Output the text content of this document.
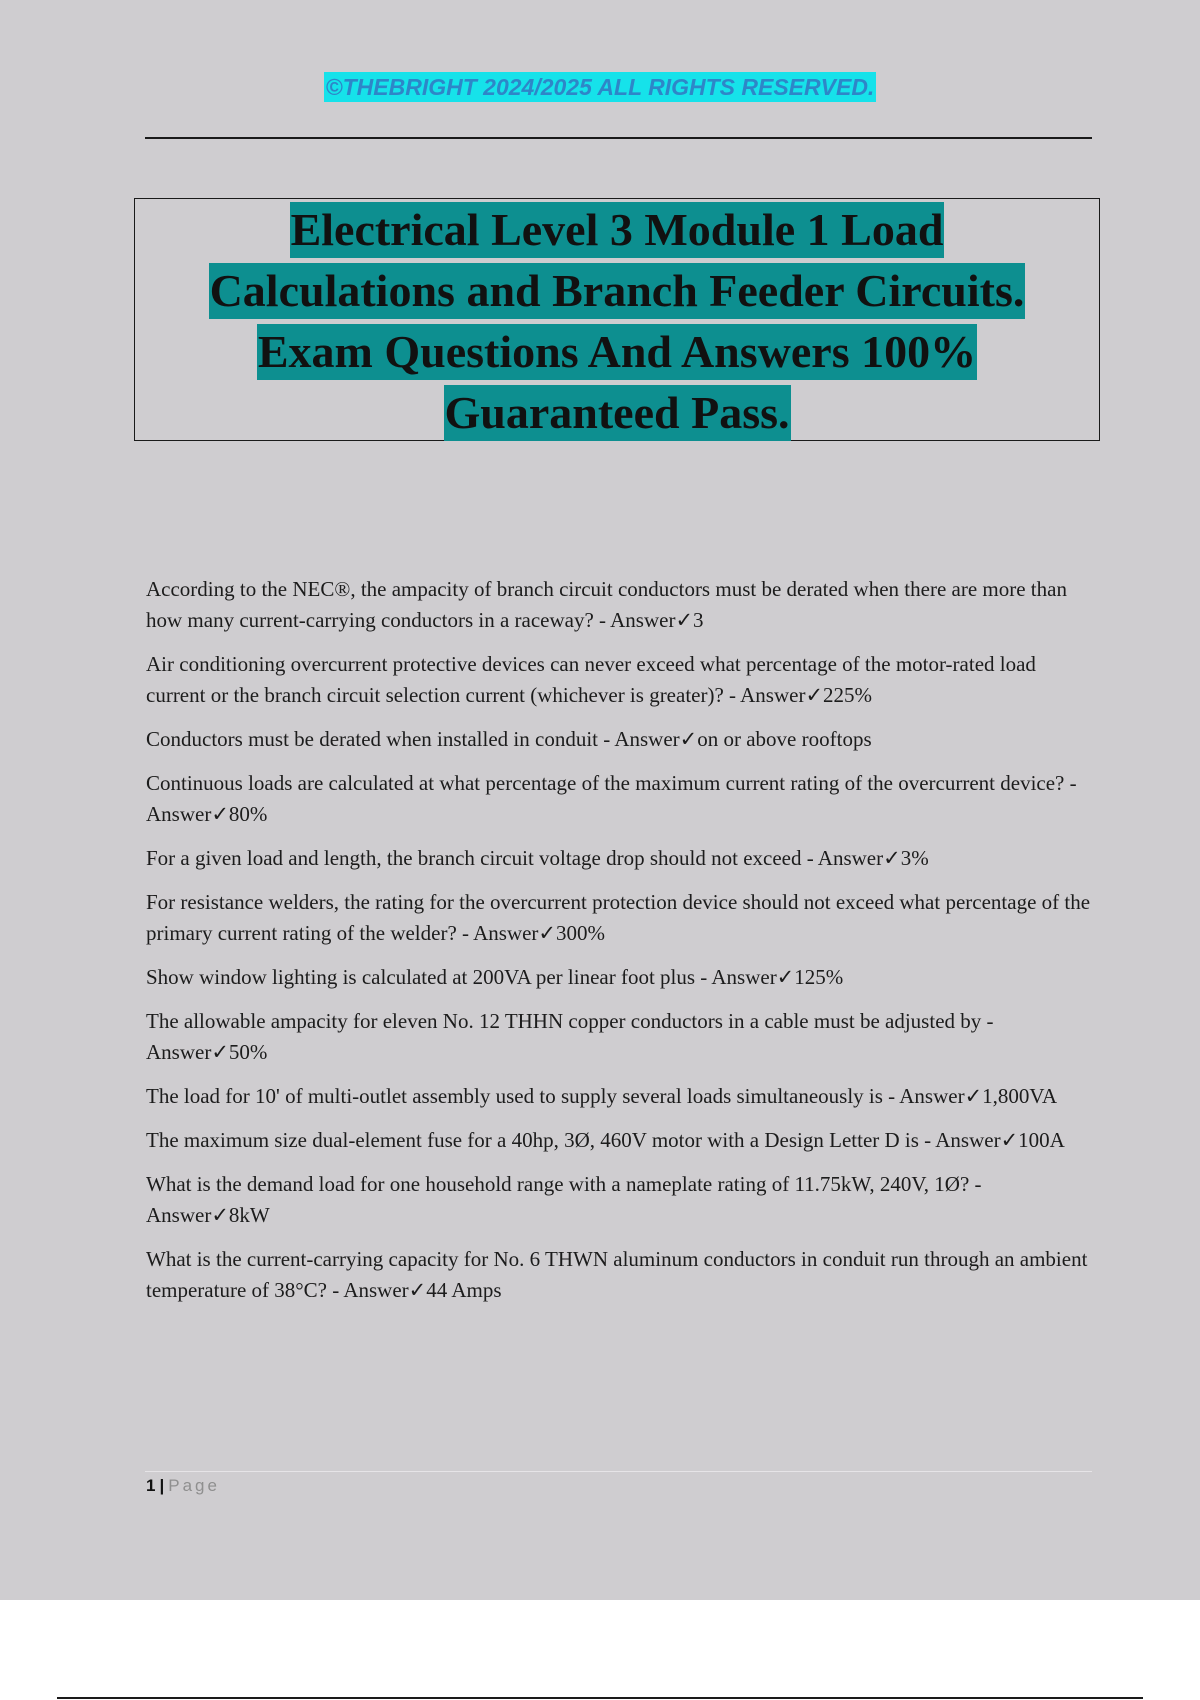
©THEBRIGHT 2024/2025 ALL RIGHTS RESERVED.
Electrical Level 3 Module 1 Load
Calculations and Branch Feeder Circuits.
Exam Questions And Answers 100%
Guaranteed Pass.

According to the NEC®, the ampacity of branch circuit conductors must be derated when there are more than how many current-carrying conductors in a raceway? - Answer✓3

Air conditioning overcurrent protective devices can never exceed what percentage of the motor-rated load current or the branch circuit selection current (whichever is greater)? - Answer✓225%

Conductors must be derated when installed in conduit - Answer✓on or above rooftops

Continuous loads are calculated at what percentage of the maximum current rating of the overcurrent device? - Answer✓80%

For a given load and length, the branch circuit voltage drop should not exceed - Answer✓3%

For resistance welders, the rating for the overcurrent protection device should not exceed what percentage of the primary current rating of the welder? - Answer✓300%

Show window lighting is calculated at 200VA per linear foot plus - Answer✓125%

The allowable ampacity for eleven No. 12 THHN copper conductors in a cable must be adjusted by - Answer✓50%

The load for 10' of multi-outlet assembly used to supply several loads simultaneously is - Answer✓1,800VA

The maximum size dual-element fuse for a 40hp, 3Ø, 460V motor with a Design Letter D is - Answer✓100A

What is the demand load for one household range with a nameplate rating of 11.75kW, 240V, 1Ø? - Answer✓8kW

What is the current-carrying capacity for No. 6 THWN aluminum conductors in conduit run through an ambient temperature of 38°C? - Answer✓44 Amps

1 | Page
